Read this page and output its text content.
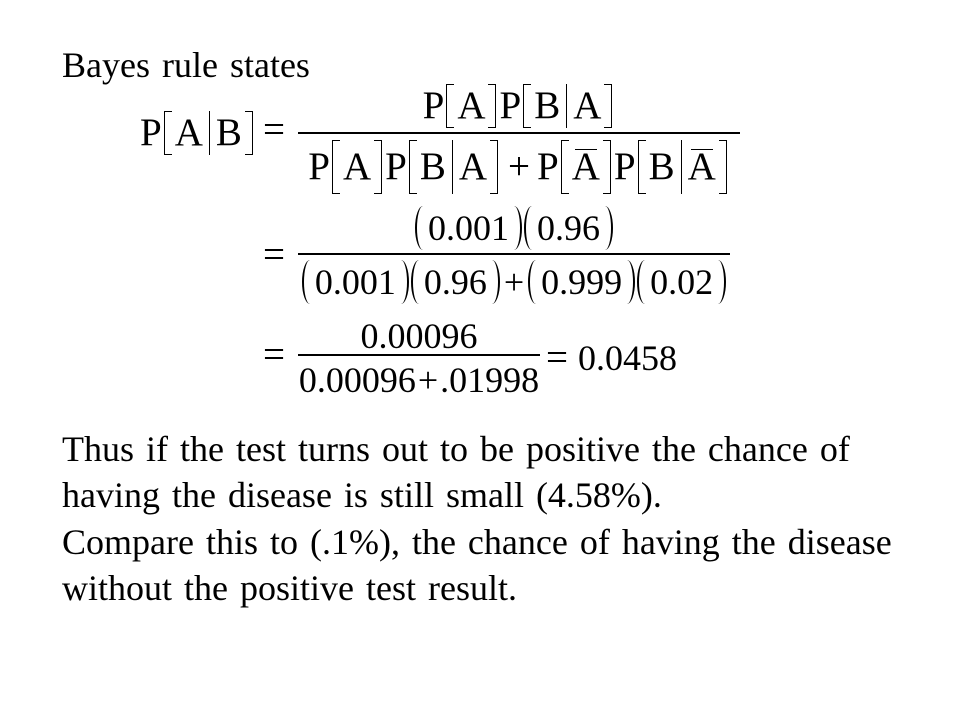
Bayes rule states
P A B =
P A P B A
P A P B A + P A P B A
=
0.001 0.96
0.001 0.96 + 0.999 0.02
= 0.00096
0.00096 + .01998
= 0.0458
Thus if the test turns out to be positive the chance of
having the disease is still small (4.58%).
Compare this to (.1%), the chance of having the disease
without the positive test result.
